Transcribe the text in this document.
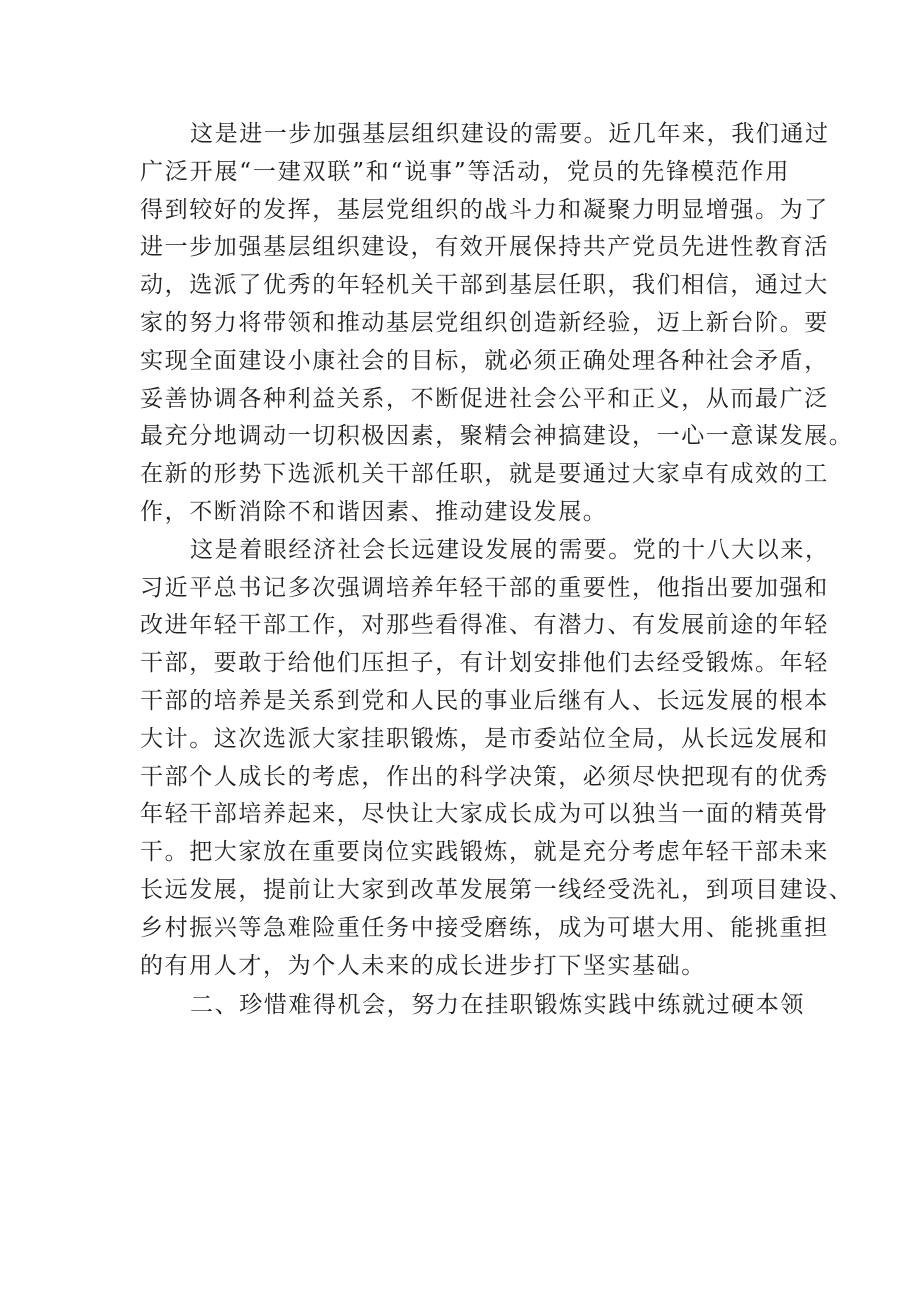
这是进一步加强基层组织建设的需要。近几年来，我们通过
广泛开展“一建双联”和“说事”等活动，党员的先锋模范作用
得到较好的发挥，基层党组织的战斗力和凝聚力明显增强。为了
进一步加强基层组织建设，有效开展保持共产党员先进性教育活
动，选派了优秀的年轻机关干部到基层任职，我们相信，通过大
家的努力将带领和推动基层党组织创造新经验，迈上新台阶。要
实现全面建设小康社会的目标，就必须正确处理各种社会矛盾，
妥善协调各种利益关系，不断促进社会公平和正义，从而最广泛
最充分地调动一切积极因素，聚精会神搞建设，一心一意谋发展。
在新的形势下选派机关干部任职，就是要通过大家卓有成效的工
作，不断消除不和谐因素、推动建设发展。
这是着眼经济社会长远建设发展的需要。党的十八大以来，
习近平总书记多次强调培养年轻干部的重要性，他指出要加强和
改进年轻干部工作，对那些看得准、有潜力、有发展前途的年轻
干部，要敢于给他们压担子，有计划安排他们去经受锻炼。年轻
干部的培养是关系到党和人民的事业后继有人、长远发展的根本
大计。这次选派大家挂职锻炼，是市委站位全局，从长远发展和
干部个人成长的考虑，作出的科学决策，必须尽快把现有的优秀
年轻干部培养起来，尽快让大家成长成为可以独当一面的精英骨
干。把大家放在重要岗位实践锻炼，就是充分考虑年轻干部未来
长远发展，提前让大家到改革发展第一线经受洗礼，到项目建设、
乡村振兴等急难险重任务中接受磨练，成为可堪大用、能挑重担
的有用人才，为个人未来的成长进步打下坚实基础。
二、珍惜难得机会，努力在挂职锻炼实践中练就过硬本领
